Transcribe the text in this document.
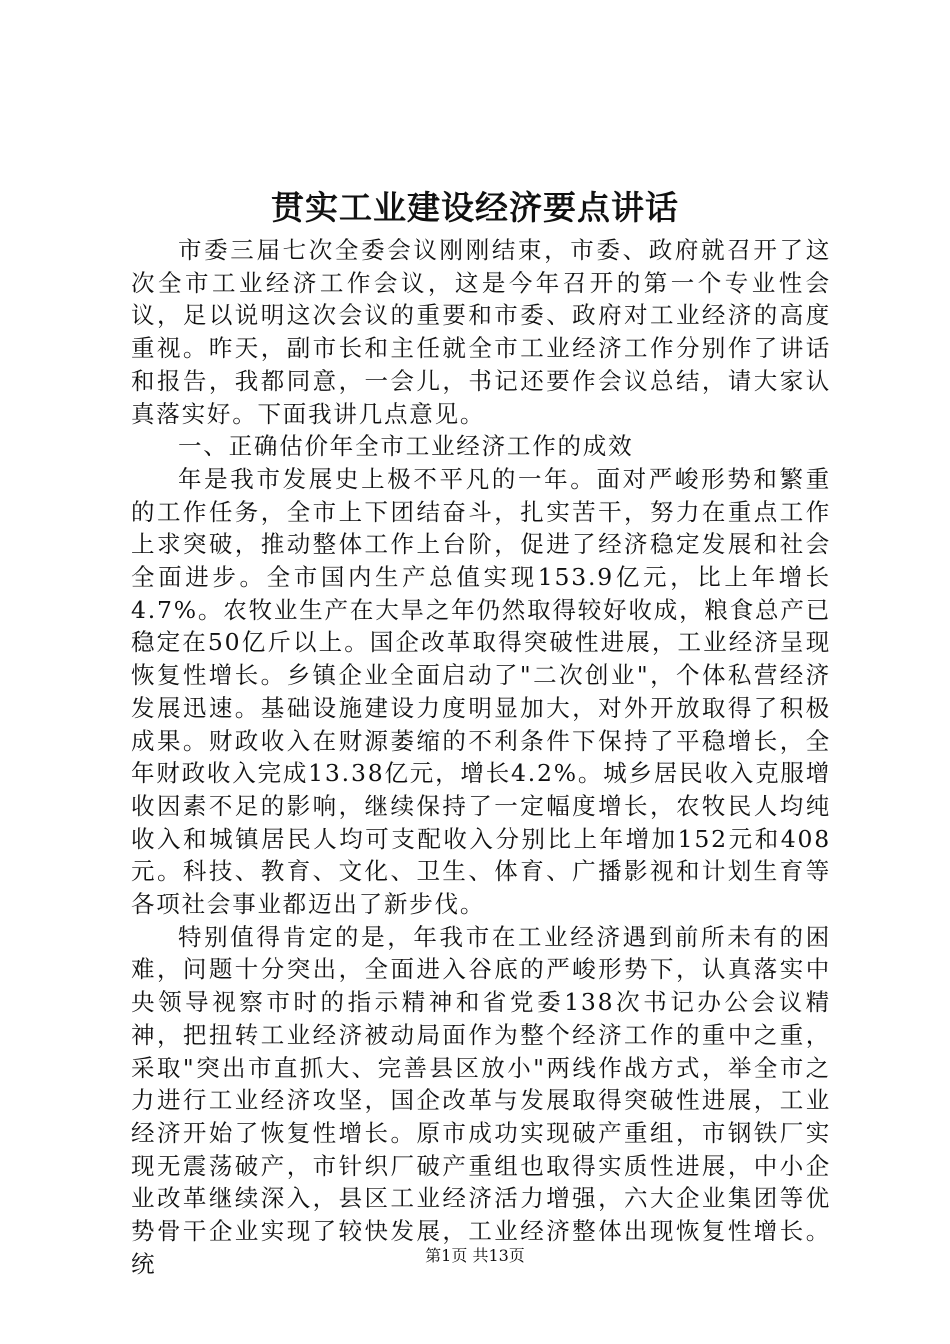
贯实工业建设经济要点讲话

市委三届七次全委会议刚刚结束，市委、政府就召开了这次全市工业经济工作会议，这是今年召开的第一个专业性会议，足以说明这次会议的重要和市委、政府对工业经济的高度重视。昨天，副市长和主任就全市工业经济工作分别作了讲话和报告，我都同意，一会儿，书记还要作会议总结，请大家认真落实好。下面我讲几点意见。

一、正确估价年全市工业经济工作的成效

年是我市发展史上极不平凡的一年。面对严峻形势和繁重的工作任务，全市上下团结奋斗，扎实苦干，努力在重点工作上求突破，推动整体工作上台阶，促进了经济稳定发展和社会全面进步。全市国内生产总值实现153.9亿元，比上年增长4.7%。农牧业生产在大旱之年仍然取得较好收成，粮食总产已稳定在50亿斤以上。国企改革取得突破性进展，工业经济呈现恢复性增长。乡镇企业全面启动了"二次创业"，个体私营经济发展迅速。基础设施建设力度明显加大，对外开放取得了积极成果。财政收入在财源萎缩的不利条件下保持了平稳增长，全年财政收入完成13.38亿元，增长4.2%。城乡居民收入克服增收因素不足的影响，继续保持了一定幅度增长，农牧民人均纯收入和城镇居民人均可支配收入分别比上年增加152元和408元。科技、教育、文化、卫生、体育、广播影视和计划生育等各项社会事业都迈出了新步伐。

特别值得肯定的是，年我市在工业经济遇到前所未有的困难，问题十分突出，全面进入谷底的严峻形势下，认真落实中央领导视察市时的指示精神和省党委138次书记办公会议精神，把扭转工业经济被动局面作为整个经济工作的重中之重，采取"突出市直抓大、完善县区放小"两线作战方式，举全市之力进行工业经济攻坚，国企改革与发展取得突破性进展，工业经济开始了恢复性增长。原市成功实现破产重组，市钢铁厂实现无震荡破产，市针织厂破产重组也取得实质性进展，中小企业改革继续深入，县区工业经济活力增强，六大企业集团等优势骨干企业实现了较快发展，工业经济整体出现恢复性增长。统	第1页 共13页
